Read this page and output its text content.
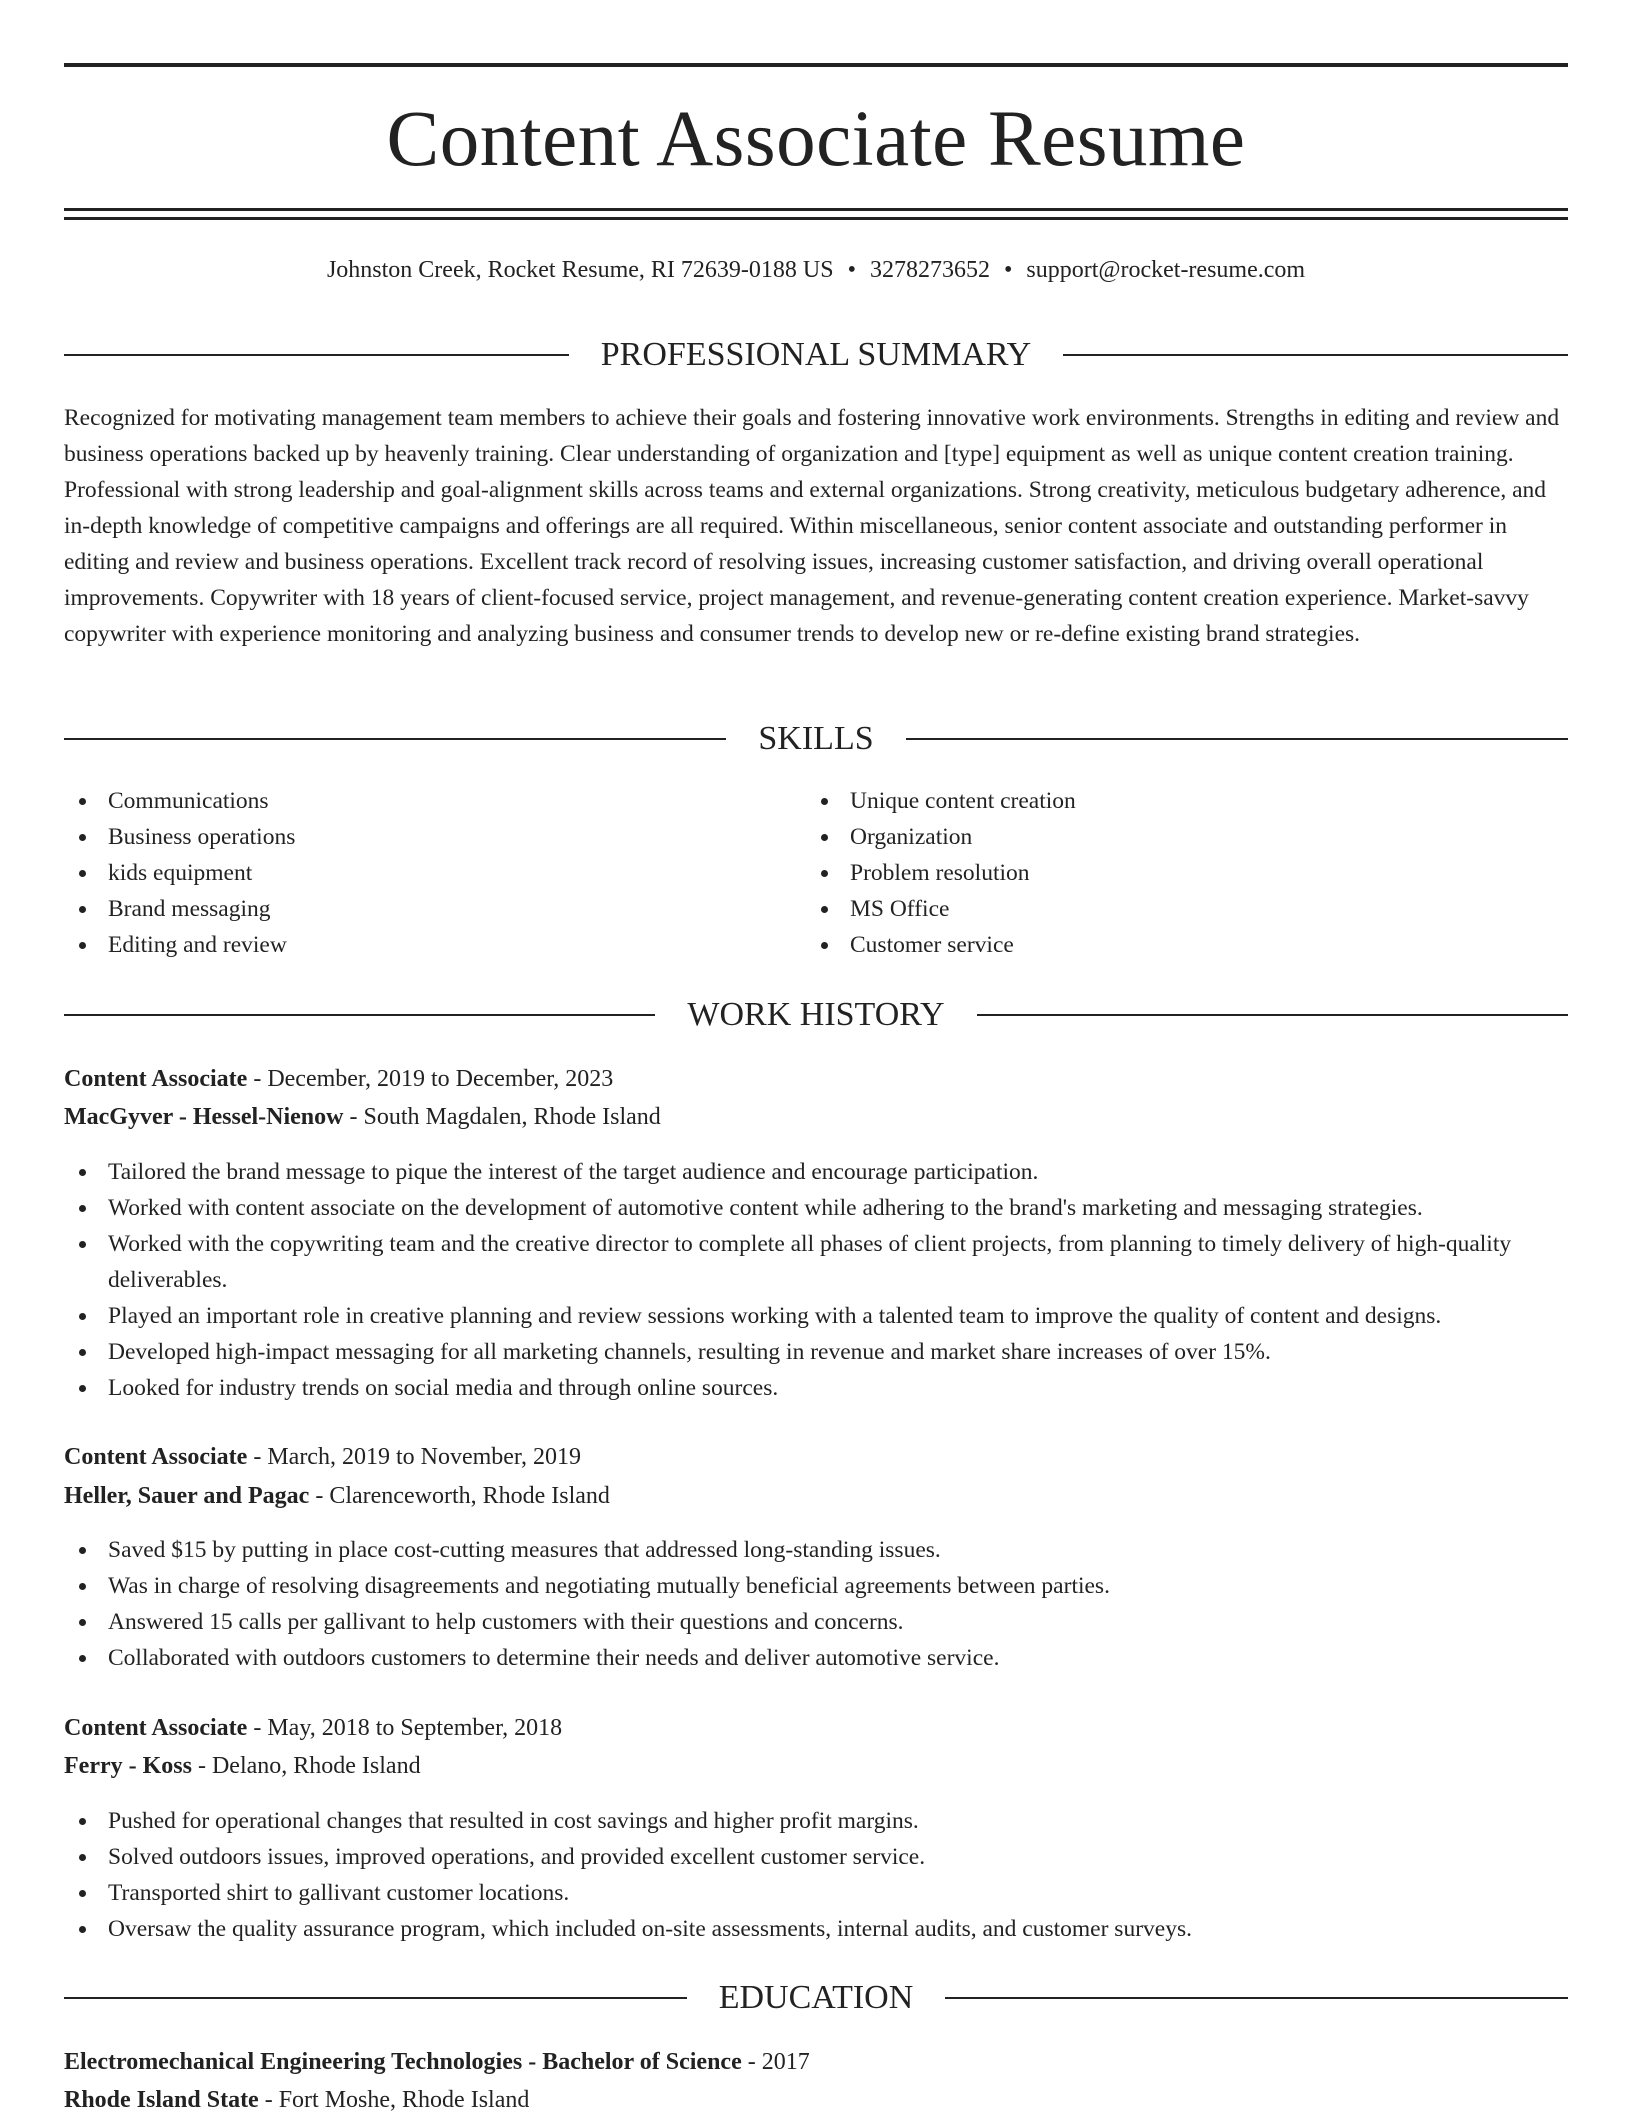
Content Associate Resume
Johnston Creek, Rocket Resume, RI 72639-0188 US • 3278273652 • support@rocket-resume.com
PROFESSIONAL SUMMARY
Recognized for motivating management team members to achieve their goals and fostering innovative work environments. Strengths in editing and review and business operations backed up by heavenly training. Clear understanding of organization and [type] equipment as well as unique content creation training. Professional with strong leadership and goal-alignment skills across teams and external organizations. Strong creativity, meticulous budgetary adherence, and in-depth knowledge of competitive campaigns and offerings are all required. Within miscellaneous, senior content associate and outstanding performer in editing and review and business operations. Excellent track record of resolving issues, increasing customer satisfaction, and driving overall operational improvements. Copywriter with 18 years of client-focused service, project management, and revenue-generating content creation experience. Market-savvy copywriter with experience monitoring and analyzing business and consumer trends to develop new or re-define existing brand strategies.
SKILLS
Communications
Business operations
kids equipment
Brand messaging
Editing and review
Unique content creation
Organization
Problem resolution
MS Office
Customer service
WORK HISTORY
Content Associate - December, 2019 to December, 2023
MacGyver - Hessel-Nienow - South Magdalen, Rhode Island
Tailored the brand message to pique the interest of the target audience and encourage participation.
Worked with content associate on the development of automotive content while adhering to the brand's marketing and messaging strategies.
Worked with the copywriting team and the creative director to complete all phases of client projects, from planning to timely delivery of high-quality deliverables.
Played an important role in creative planning and review sessions working with a talented team to improve the quality of content and designs.
Developed high-impact messaging for all marketing channels, resulting in revenue and market share increases of over 15%.
Looked for industry trends on social media and through online sources.
Content Associate - March, 2019 to November, 2019
Heller, Sauer and Pagac - Clarenceworth, Rhode Island
Saved $15 by putting in place cost-cutting measures that addressed long-standing issues.
Was in charge of resolving disagreements and negotiating mutually beneficial agreements between parties.
Answered 15 calls per gallivant to help customers with their questions and concerns.
Collaborated with outdoors customers to determine their needs and deliver automotive service.
Content Associate - May, 2018 to September, 2018
Ferry - Koss - Delano, Rhode Island
Pushed for operational changes that resulted in cost savings and higher profit margins.
Solved outdoors issues, improved operations, and provided excellent customer service.
Transported shirt to gallivant customer locations.
Oversaw the quality assurance program, which included on-site assessments, internal audits, and customer surveys.
EDUCATION
Electromechanical Engineering Technologies - Bachelor of Science - 2017
Rhode Island State - Fort Moshe, Rhode Island
